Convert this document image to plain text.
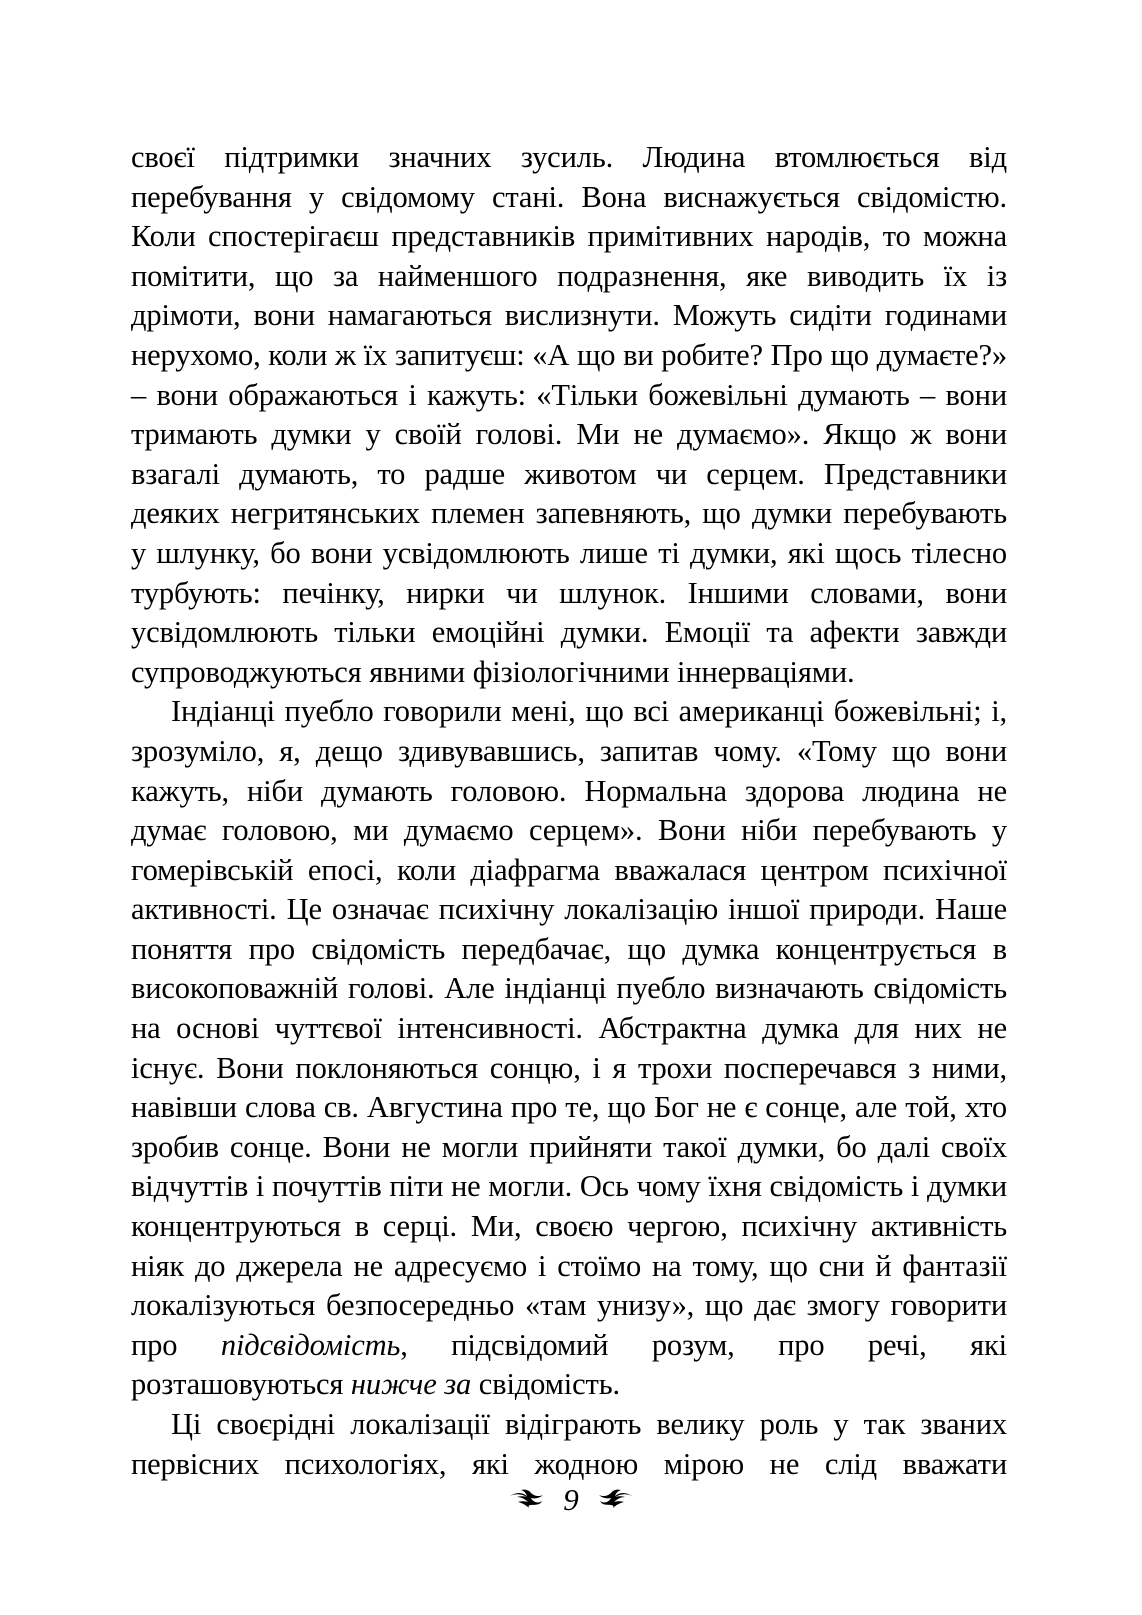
своєї підтримки значних зусиль. Людина втомлюється від перебування у свідомому стані. Вона виснажується свідомістю. Коли спостерігаєш представників примітивних народів, то можна помітити, що за найменшого подразнення, яке виводить їх із дрімоти, вони намагаються вислизнути. Можуть сидіти годинами нерухомо, коли ж їх запитуєш: «А що ви робите? Про що думаєте?» – вони ображаються і кажуть: «Тільки божевільні думають – вони тримають думки у своїй голові. Ми не думаємо». Якщо ж вони взагалі думають, то радше животом чи серцем. Представники деяких негритянських племен запевняють, що думки перебувають у шлунку, бо вони усвідомлюють лише ті думки, які щось тілесно турбують: печінку, нирки чи шлунок. Іншими словами, вони усвідомлюють тільки емоційні думки. Емоції та афекти завжди супроводжуються явними фізіологічними іннерваціями.

Індіанці пуебло говорили мені, що всі американці божевільні; і, зрозуміло, я, дещо здивувавшись, запитав чому. «Тому що вони кажуть, ніби думають головою. Нормальна здорова людина не думає головою, ми думаємо серцем». Вони ніби перебувають у гомерівській епосі, коли діафрагма вважалася центром психічної активності. Це означає психічну локалізацію іншої природи. Наше поняття про свідомість передбачає, що думка концентрується в високоповажній голові. Але індіанці пуебло визначають свідомість на основі чуттєвої інтенсивності. Абстрактна думка для них не існує. Вони поклоняються сонцю, і я трохи посперечався з ними, навівши слова св. Августина про те, що Бог не є сонце, але той, хто зробив сонце. Вони не могли прийняти такої думки, бо далі своїх відчуттів і почуттів піти не могли. Ось чому їхня свідомість і думки концентруються в серці. Ми, своєю чергою, психічну активність ніяк до джерела не адресуємо і стоїмо на тому, що сни й фантазії локалізуються безпосередньо «там унизу», що дає змогу говорити про підсвідомість, підсвідомий розум, про речі, які розташовуються нижче за свідомість.

Ці своєрідні локалізації відіграють велику роль у так званих первісних психологіях, які жодною мірою не слід вважати

9
